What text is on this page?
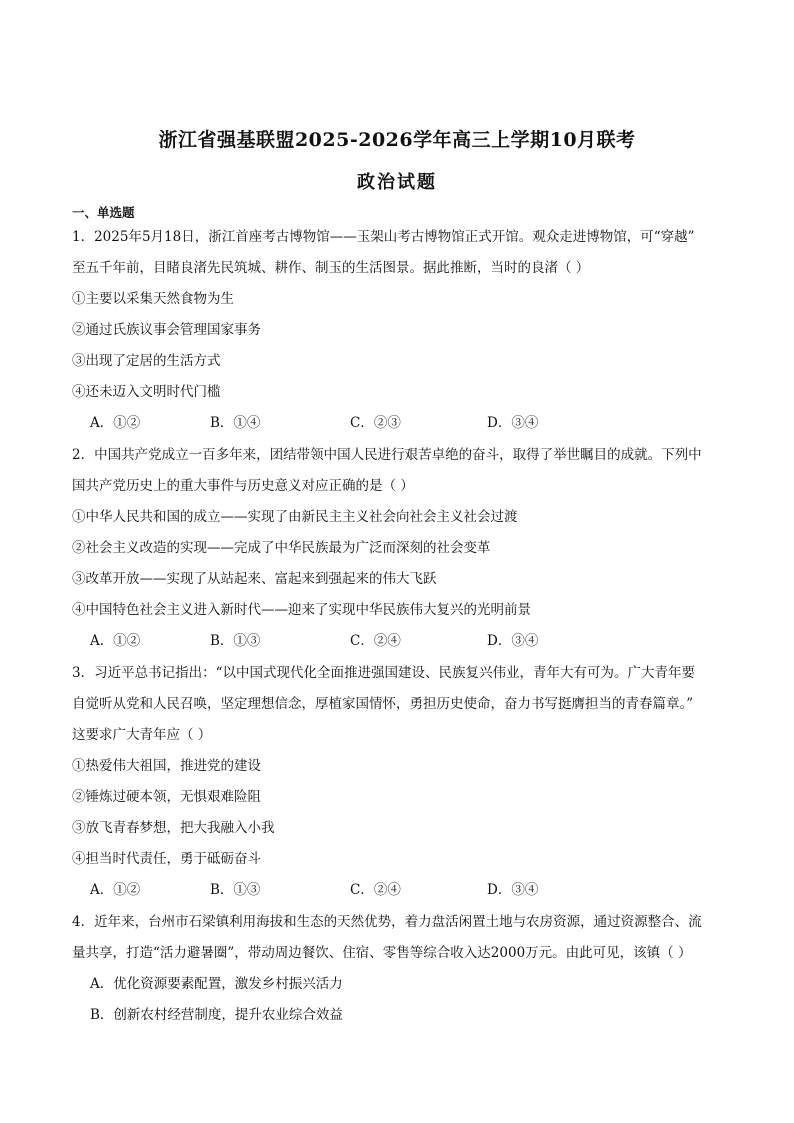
浙江省强基联盟2025-2026学年高三上学期10月联考
政治试题
一、单选题
1．2025年5月18日，浙江首座考古博物馆——玉架山考古博物馆正式开馆。观众走进博物馆，可“穿越”
至五千年前，目睹良渚先民筑城、耕作、制玉的生活图景。据此推断，当时的良渚（ ）
①主要以采集天然食物为生
②通过氏族议事会管理国家事务
③出现了定居的生活方式
④还未迈入文明时代门槛
A．①②	B．①④	C．②③	D．③④
2．中国共产党成立一百多年来，团结带领中国人民进行艰苦卓绝的奋斗，取得了举世瞩目的成就。下列中
国共产党历史上的重大事件与历史意义对应正确的是（ ）
①中华人民共和国的成立——实现了由新民主主义社会向社会主义社会过渡
②社会主义改造的实现——完成了中华民族最为广泛而深刻的社会变革
③改革开放——实现了从站起来、富起来到强起来的伟大飞跃
④中国特色社会主义进入新时代——迎来了实现中华民族伟大复兴的光明前景
A．①②	B．①③	C．②④	D．③④
3．习近平总书记指出：“以中国式现代化全面推进强国建设、民族复兴伟业，青年大有可为。广大青年要
自觉听从党和人民召唤，坚定理想信念，厚植家国情怀，勇担历史使命，奋力书写挺膺担当的青春篇章。”
这要求广大青年应（ ）
①热爱伟大祖国，推进党的建设
②锤炼过硬本领，无惧艰难险阻
③放飞青春梦想，把大我融入小我
④担当时代责任，勇于砥砺奋斗
A．①②	B．①③	C．②④	D．③④
4．近年来，台州市石梁镇利用海拔和生态的天然优势，着力盘活闲置土地与农房资源，通过资源整合、流
量共享，打造“活力避暑圈”，带动周边餐饮、住宿、零售等综合收入达2000万元。由此可见，该镇（ ）
A．优化资源要素配置，激发乡村振兴活力
B．创新农村经营制度，提升农业综合效益
